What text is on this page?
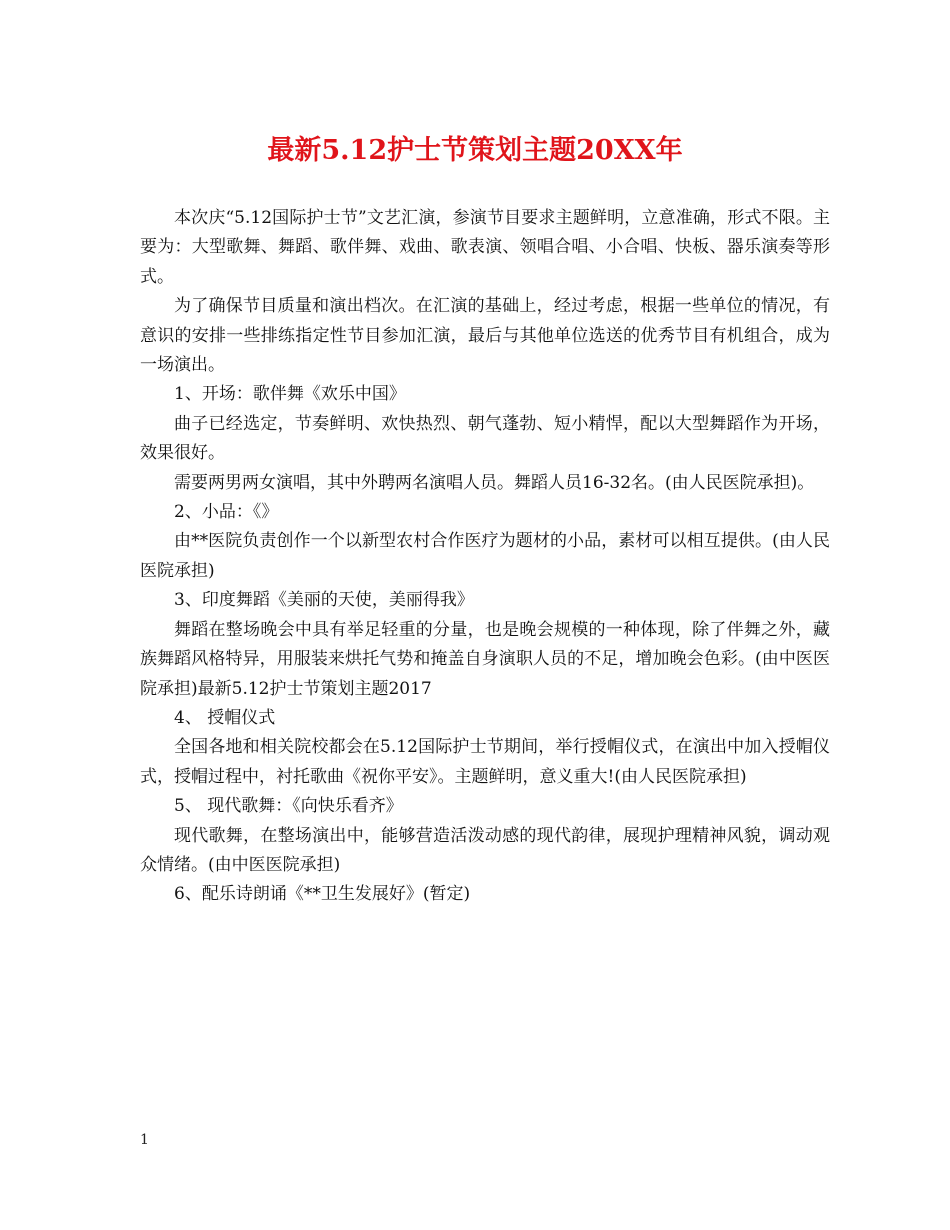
最新5.12护士节策划主题20XX年

本次庆“5.12国际护士节”文艺汇演，参演节目要求主题鲜明，立意准确，形式不限。主要为：大型歌舞、舞蹈、歌伴舞、戏曲、歌表演、领唱合唱、小合唱、快板、器乐演奏等形式。

为了确保节目质量和演出档次。在汇演的基础上，经过考虑，根据一些单位的情况，有意识的安排一些排练指定性节目参加汇演，最后与其他单位选送的优秀节目有机组合，成为一场演出。

1、开场：歌伴舞《欢乐中国》

曲子已经选定，节奏鲜明、欢快热烈、朝气蓬勃、短小精悍，配以大型舞蹈作为开场，效果很好。

需要两男两女演唱，其中外聘两名演唱人员。舞蹈人员16-32名。(由人民医院承担)。

2、小品：《》

由**医院负责创作一个以新型农村合作医疗为题材的小品，素材可以相互提供。(由人民医院承担)

3、印度舞蹈《美丽的天使，美丽得我》

舞蹈在整场晚会中具有举足轻重的分量，也是晚会规模的一种体现，除了伴舞之外，藏族舞蹈风格特异，用服装来烘托气势和掩盖自身演职人员的不足，增加晚会色彩。(由中医医院承担)最新5.12护士节策划主题2017

4、 授帽仪式

全国各地和相关院校都会在5.12国际护士节期间，举行授帽仪式，在演出中加入授帽仪式，授帽过程中，衬托歌曲《祝你平安》。主题鲜明，意义重大!(由人民医院承担)

5、 现代歌舞：《向快乐看齐》

现代歌舞，在整场演出中，能够营造活泼动感的现代韵律，展现护理精神风貌，调动观众情绪。(由中医医院承担)

6、配乐诗朗诵《**卫生发展好》(暂定)

1
